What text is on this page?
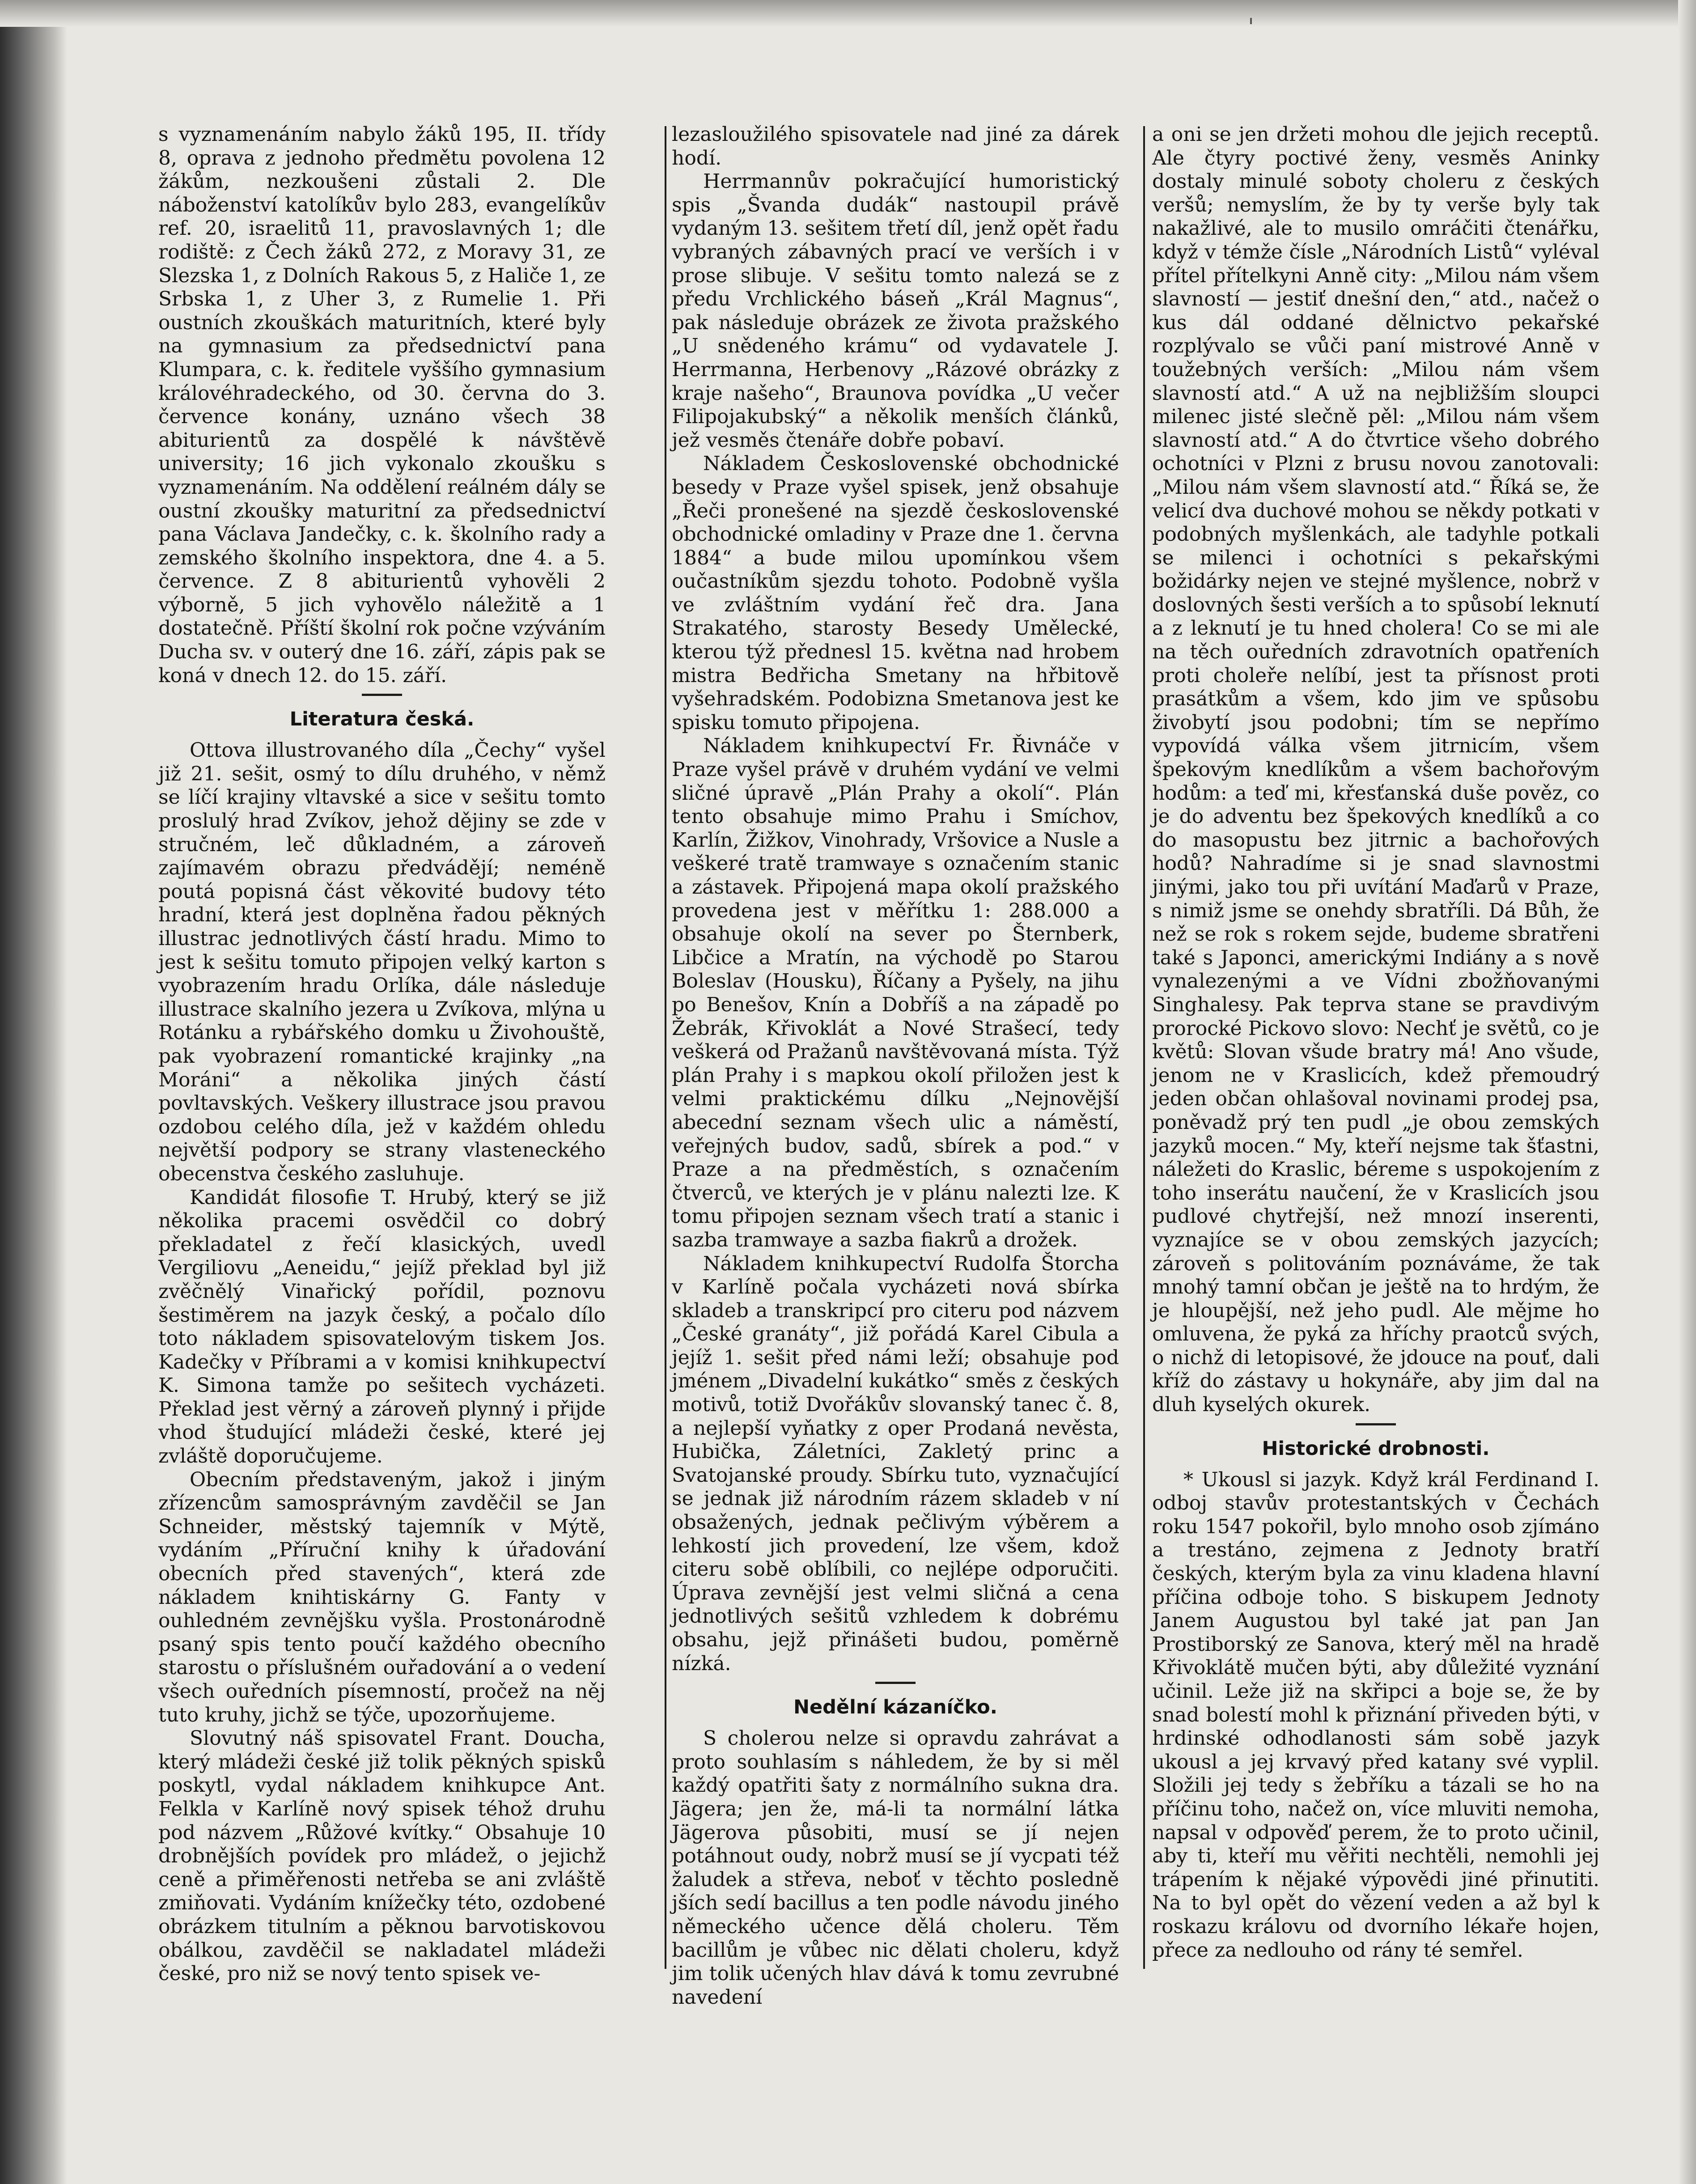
s vyznamenáním nabylo žáků 195, II. třídy 8, oprava z jednoho předmětu povolena 12 žákům, nezkoušeni zůstali 2. Dle náboženství katolíkův bylo 283, evangelíkův ref. 20, israelitů 11, pravoslavných 1; dle rodiště: z Čech žáků 272, z Moravy 31, ze Slezska 1, z Dolních Rakous 5, z Haliče 1, ze Srbska 1, z Uher 3, z Rumelie 1. Při oustních zkouškách maturitních, které byly na gymnasium za předsednictví pana Klumpara, c. k. ředitele vyššího gymnasium královéhradeckého, od 30. června do 3. července konány, uznáno všech 38 abiturientů za dospělé k návštěvě university; 16 jich vykonalo zkoušku s vyznamenáním. Na oddělení reálném dály se oustní zkoušky maturitní za předsednictví pana Václava Jandečky, c. k. školního rady a zemského školního inspektora, dne 4. a 5. července. Z 8 abiturientů vyhověli 2 výborně, 5 jich vyhovělo náležitě a 1 dostatečně. Příští školní rok počne vzýváním Ducha sv. v outerý dne 16. září, zápis pak se koná v dnech 12. do 15. září.

Literatura česká.

Ottova illustrovaného díla „Čechy“ vyšel již 21. sešit, osmý to dílu druhého, v němž se líčí krajiny vltavské a sice v sešitu tomto proslulý hrad Zvíkov, jehož dějiny se zde v stručném, leč důkladném, a zároveň zajímavém obrazu předvádějí; neméně poutá popisná část věkovité budovy této hradní, která jest doplněna řadou pěkných illustrac jednotlivých částí hradu. Mimo to jest k sešitu tomuto připojen velký karton s vyobrazením hradu Orlíka, dále následuje illustrace skalního jezera u Zvíkova, mlýna u Rotánku a rybářského domku u Živohouště, pak vyobrazení romantické krajinky „na Moráni“ a několika jiných částí povltavských. Veškery illustrace jsou pravou ozdobou celého díla, jež v každém ohledu největší podpory se strany vlasteneckého obecenstva českého zasluhuje.

Kandidát filosofie T. Hrubý, který se již několika pracemi osvědčil co dobrý překladatel z řečí klasických, uvedl Vergiliovu „Aeneidu,“ jejíž překlad byl již zvěčnělý Vinařický pořídil, poznovu šestiměrem na jazyk český, a počalo dílo toto nákladem spisovatelovým tiskem Jos. Kadečky v Příbrami a v komisi knihkupectví K. Simona tamže po sešitech vycházeti. Překlad jest věrný a zároveň plynný i přijde vhod študující mládeži české, které jej zvláště doporučujeme.

Obecním představeným, jakož i jiným zřízencům samosprávným zavděčil se Jan Schneider, městský tajemník v Mýtě, vydáním „Příruční knihy k úřadování obecních před stavených“, která zde nákladem knihtiskárny G. Fanty v ouhledném zevnějšku vyšla. Prostonárodně psaný spis tento poučí každého obecního starostu o příslušném ouřadování a o vedení všech ouředních písemností, pročež na něj tuto kruhy, jichž se týče, upozorňujeme.

Slovutný náš spisovatel Frant. Doucha, který mládeži české již tolik pěkných spisků poskytl, vydal nákladem knihkupce Ant. Felkla v Karlíně nový spisek téhož druhu pod názvem „Růžové kvítky.“ Obsahuje 10 drobnějších povídek pro mládež, o jejichž ceně a přiměřenosti netřeba se ani zvláště zmiňovati. Vydáním knížečky této, ozdobené obrázkem titulním a pěknou barvotiskovou obálkou, zavděčil se nakladatel mládeži české, pro niž se nový tento spisek ve-

lezasloužilého spisovatele nad jiné za dárek hodí.

Herrmannův pokračující humoristický spis „Švanda dudák“ nastoupil právě vydaným 13. sešitem třetí díl, jenž opět řadu vybraných zábavných prací ve verších i v prose slibuje. V sešitu tomto nalezá se z předu Vrchlického báseň „Král Magnus“, pak následuje obrázek ze života pražského „U snědeného krámu“ od vydavatele J. Herrmanna, Herbenovy „Rázové obrázky z kraje našeho“, Braunova povídka „U večer Filipojakubský“ a několik menších článků, jež vesměs čtenáře dobře pobaví.

Nákladem Československé obchodnické besedy v Praze vyšel spisek, jenž obsahuje „Řeči pronešené na sjezdě československé obchodnické omladiny v Praze dne 1. června 1884“ a bude milou upomínkou všem oučastníkům sjezdu tohoto. Podobně vyšla ve zvláštním vydání řeč dra. Jana Strakatého, starosty Besedy Umělecké, kterou týž přednesl 15. května nad hrobem mistra Bedřicha Smetany na hřbitově vyšehradském. Podobizna Smetanova jest ke spisku tomuto připojena.

Nákladem knihkupectví Fr. Řivnáče v Praze vyšel právě v druhém vydání ve velmi sličné úpravě „Plán Prahy a okolí“. Plán tento obsahuje mimo Prahu i Smíchov, Karlín, Žižkov, Vinohrady, Vršovice a Nusle a veškeré tratě tramwaye s označením stanic a zástavek. Připojená mapa okolí pražského provedena jest v měřítku 1: 288.000 a obsahuje okolí na sever po Šternberk, Libčice a Mratín, na východě po Starou Boleslav (Housku), Říčany a Pyšely, na jihu po Benešov, Knín a Dobříš a na západě po Žebrák, Křivoklát a Nové Strašecí, tedy veškerá od Pražanů navštěvovaná místa. Týž plán Prahy i s mapkou okolí přiložen jest k velmi praktickému dílku „Nejnovější abecední seznam všech ulic a náměstí, veřejných budov, sadů, sbírek a pod.“ v Praze a na předměstích, s označením čtverců, ve kterých je v plánu nalezti lze. K tomu připojen seznam všech tratí a stanic i sazba tramwaye a sazba fiakrů a drožek.

Nákladem knihkupectví Rudolfa Štorcha v Karlíně počala vycházeti nová sbírka skladeb a transkripcí pro citeru pod názvem „České granáty“, již pořádá Karel Cibula a jejíž 1. sešit před námi leží; obsahuje pod jménem „Divadelní kukátko“ směs z českých motivů, totiž Dvořákův slovanský tanec č. 8, a nejlepší vyňatky z oper Prodaná nevěsta, Hubička, Záletníci, Zakletý princ a Svatojanské proudy. Sbírku tuto, vyznačující se jednak již národním rázem skladeb v ní obsažených, jednak pečlivým výběrem a lehkostí jich provedení, lze všem, kdož citeru sobě oblíbili, co nejlépe odporučiti. Úprava zevnější jest velmi sličná a cena jednotlivých sešitů vzhledem k dobrému obsahu, jejž přinášeti budou, poměrně nízká.

Nedělní kázaníčko.

S cholerou nelze si opravdu zahrávat a proto souhlasím s náhledem, že by si měl každý opatřiti šaty z normálního sukna dra. Jägera; jen že, má-li ta normální látka Jägerova působiti, musí se jí nejen potáhnout oudy, nobrž musí se jí vycpati též žaludek a střeva, neboť v těchto posledně jších sedí bacillus a ten podle návodu jiného německého učence dělá choleru. Těm bacillům je vůbec nic dělati choleru, když jim tolik učených hlav dává k tomu zevrubné navedení

a oni se jen držeti mohou dle jejich receptů. Ale čtyry poctivé ženy, vesměs Aninky dostaly minulé soboty choleru z českých veršů; nemyslím, že by ty verše byly tak nakažlivé, ale to musilo omráčiti čtenářku, když v témže čísle „Národních Listů“ vyléval přítel přítelkyni Anně city: „Milou nám všem slavností — jestiť dnešní den,“ atd., načež o kus dál oddané dělnictvo pekařské rozplývalo se vůči paní mistrové Anně v toužebných verších: „Milou nám všem slavností atd.“ A už na nejbližším sloupci milenec jisté slečně pěl: „Milou nám všem slavností atd.“ A do čtvrtice všeho dobrého ochotníci v Plzni z brusu novou zanotovali: „Milou nám všem slavností atd.“ Říká se, že velicí dva duchové mohou se někdy potkati v podobných myšlenkách, ale tadyhle potkali se milenci i ochotníci s pekařskými božidárky nejen ve stejné myšlence, nobrž v doslovných šesti verších a to spůsobí leknutí a z leknutí je tu hned cholera! Co se mi ale na těch ouředních zdravotních opatřeních proti choleře nelíbí, jest ta přísnost proti prasátkům a všem, kdo jim ve spůsobu živobytí jsou podobni; tím se nepřímo vypovídá válka všem jitrnicím, všem špekovým knedlíkům a všem bachořovým hodům: a teď mi, křesťanská duše pověz, co je do adventu bez špekových knedlíků a co do masopustu bez jitrnic a bachořových hodů? Nahradíme si je snad slavnostmi jinými, jako tou při uvítání Maďarů v Praze, s nimiž jsme se onehdy sbratříli. Dá Bůh, že než se rok s rokem sejde, budeme sbratřeni také s Japonci, americkými Indiány a s nově vynalezenými a ve Vídni zbožňovanými Singhalesy. Pak teprva stane se pravdivým prorocké Pickovo slovo: Nechť je světů, co je květů: Slovan všude bratry má! Ano všude, jenom ne v Kraslicích, kdež přemoudrý jeden občan ohlašoval novinami prodej psa, poněvadž prý ten pudl „je obou zemských jazyků mocen.“ My, kteří nejsme tak šťastni, náležeti do Kraslic, béreme s uspokojením z toho inserátu naučení, že v Kraslicích jsou pudlové chytřejší, než mnozí inserenti, vyznajíce se v obou zemských jazycích; zároveň s politováním poznáváme, že tak mnohý tamní občan je ještě na to hrdým, že je hloupější, než jeho pudl. Ale mějme ho omluvena, že pyká za hříchy praotců svých, o nichž di letopisové, že jdouce na pouť, dali kříž do zástavy u hokynáře, aby jim dal na dluh kyselých okurek.

Historické drobnosti.

* Ukousl si jazyk. Když král Ferdinand I. odboj stavův protestantských v Čechách roku 1547 pokořil, bylo mnoho osob zjímáno a trestáno, zejmena z Jednoty bratří českých, kterým byla za vinu kladena hlavní příčina odboje toho. S biskupem Jednoty Janem Augustou byl také jat pan Jan Prostiborský ze Sanova, který měl na hradě Křivoklátě mučen býti, aby důležité vyznání učinil. Leže již na skřipci a boje se, že by snad bolestí mohl k přiznání přiveden býti, v hrdinské odhodlanosti sám sobě jazyk ukousl a jej krvavý před katany své vyplil. Složili jej tedy s žebříku a tázali se ho na příčinu toho, načež on, více mluviti nemoha, napsal v odpověď perem, že to proto učinil, aby ti, kteří mu věřiti nechtěli, nemohli jej trápením k nějaké výpovědi jiné přinutiti. Na to byl opět do vězení veden a až byl k roskazu královu od dvorního lékaře hojen, přece za nedlouho od rány té semřel.
